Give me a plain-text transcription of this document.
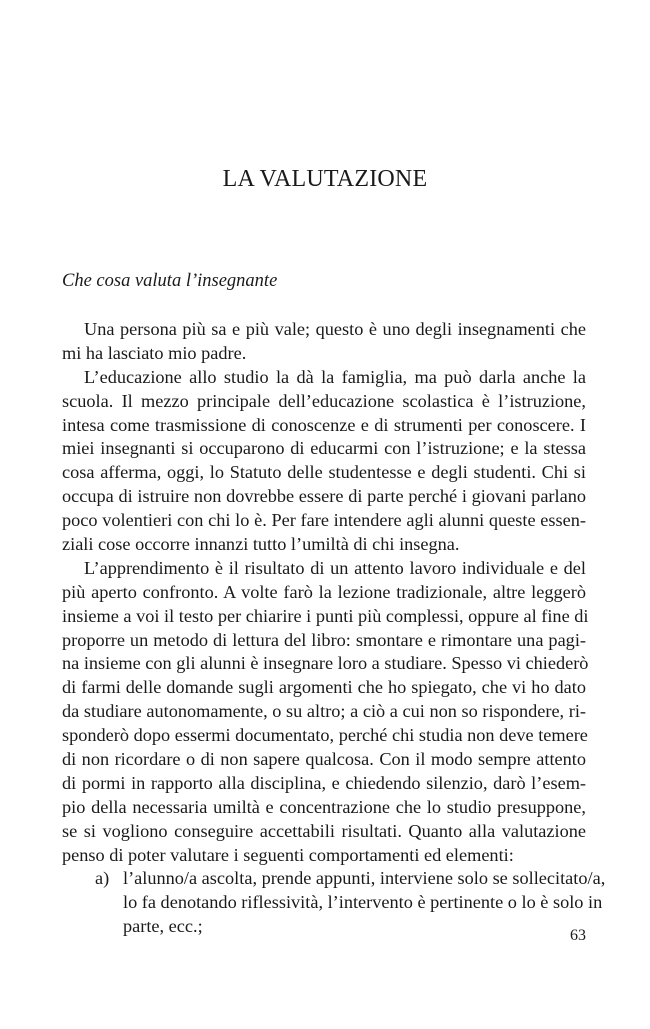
LA VALUTAZIONE
Che cosa valuta l’insegnante
Una persona più sa e più vale; questo è uno degli insegnamenti che
mi ha lasciato mio padre.
L’educazione allo studio la dà la famiglia, ma può darla anche la
scuola. Il mezzo principale dell’educazione scolastica è l’istruzione,
intesa come trasmissione di conoscenze e di strumenti per conoscere. I
miei insegnanti si occuparono di educarmi con l’istruzione; e la stessa
cosa afferma, oggi, lo Statuto delle studentesse e degli studenti. Chi si
occupa di istruire non dovrebbe essere di parte perché i giovani parlano
poco volentieri con chi lo è. Per fare intendere agli alunni queste essen-
ziali cose occorre innanzi tutto l’umiltà di chi insegna.
L’apprendimento è il risultato di un attento lavoro individuale e del
più aperto confronto. A volte farò la lezione tradizionale, altre leggerò
insieme a voi il testo per chiarire i punti più complessi, oppure al fine di
proporre un metodo di lettura del libro: smontare e rimontare una pagi-
na insieme con gli alunni è insegnare loro a studiare. Spesso vi chiederò
di farmi delle domande sugli argomenti che ho spiegato, che vi ho dato
da studiare autonomamente, o su altro; a ciò a cui non so rispondere, ri-
sponderò dopo essermi documentato, perché chi studia non deve temere
di non ricordare o di non sapere qualcosa. Con il modo sempre attento
di pormi in rapporto alla disciplina, e chiedendo silenzio, darò l’esem-
pio della necessaria umiltà e concentrazione che lo studio presuppone,
se si vogliono conseguire accettabili risultati. Quanto alla valutazione
penso di poter valutare i seguenti comportamenti ed elementi:
a) l’alunno/a ascolta, prende appunti, interviene solo se sollecitato/a,
lo fa denotando riflessività, l’intervento è pertinente o lo è solo in
parte, ecc.;	63
